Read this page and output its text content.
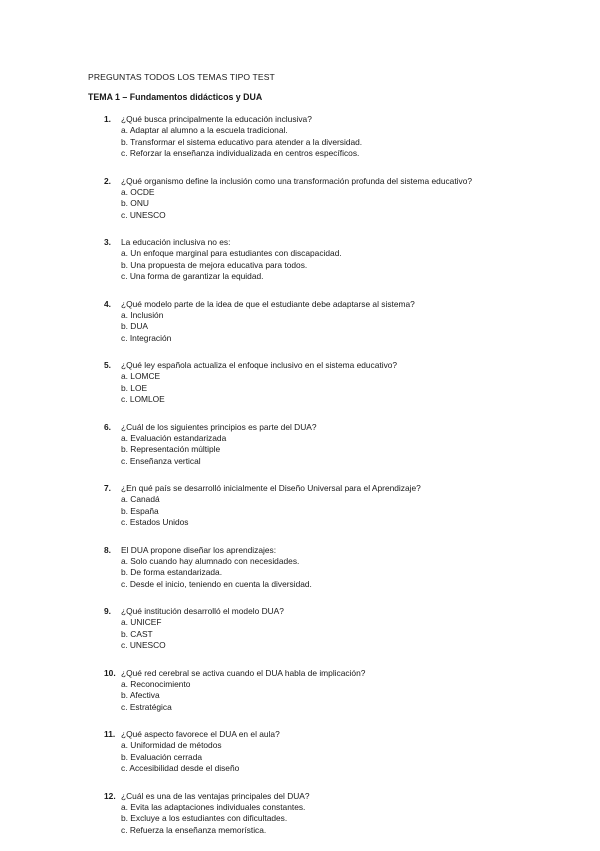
PREGUNTAS TODOS LOS TEMAS TIPO TEST
TEMA 1 – Fundamentos didácticos y DUA
1. ¿Qué busca principalmente la educación inclusiva?
a. Adaptar al alumno a la escuela tradicional.
b. Transformar el sistema educativo para atender a la diversidad.
c. Reforzar la enseñanza individualizada en centros específicos.
2. ¿Qué organismo define la inclusión como una transformación profunda del sistema educativo?
a. OCDE
b. ONU
c. UNESCO
3. La educación inclusiva no es:
a. Un enfoque marginal para estudiantes con discapacidad.
b. Una propuesta de mejora educativa para todos.
c. Una forma de garantizar la equidad.
4. ¿Qué modelo parte de la idea de que el estudiante debe adaptarse al sistema?
a. Inclusión
b. DUA
c. Integración
5. ¿Qué ley española actualiza el enfoque inclusivo en el sistema educativo?
a. LOMCE
b. LOE
c. LOMLOE
6. ¿Cuál de los siguientes principios es parte del DUA?
a. Evaluación estandarizada
b. Representación múltiple
c. Enseñanza vertical
7. ¿En qué país se desarrolló inicialmente el Diseño Universal para el Aprendizaje?
a. Canadá
b. España
c. Estados Unidos
8. El DUA propone diseñar los aprendizajes:
a. Solo cuando hay alumnado con necesidades.
b. De forma estandarizada.
c. Desde el inicio, teniendo en cuenta la diversidad.
9. ¿Qué institución desarrolló el modelo DUA?
a. UNICEF
b. CAST
c. UNESCO
10. ¿Qué red cerebral se activa cuando el DUA habla de implicación?
a. Reconocimiento
b. Afectiva
c. Estratégica
11. ¿Qué aspecto favorece el DUA en el aula?
a. Uniformidad de métodos
b. Evaluación cerrada
c. Accesibilidad desde el diseño
12. ¿Cuál es una de las ventajas principales del DUA?
a. Evita las adaptaciones individuales constantes.
b. Excluye a los estudiantes con dificultades.
c. Refuerza la enseñanza memorística.
